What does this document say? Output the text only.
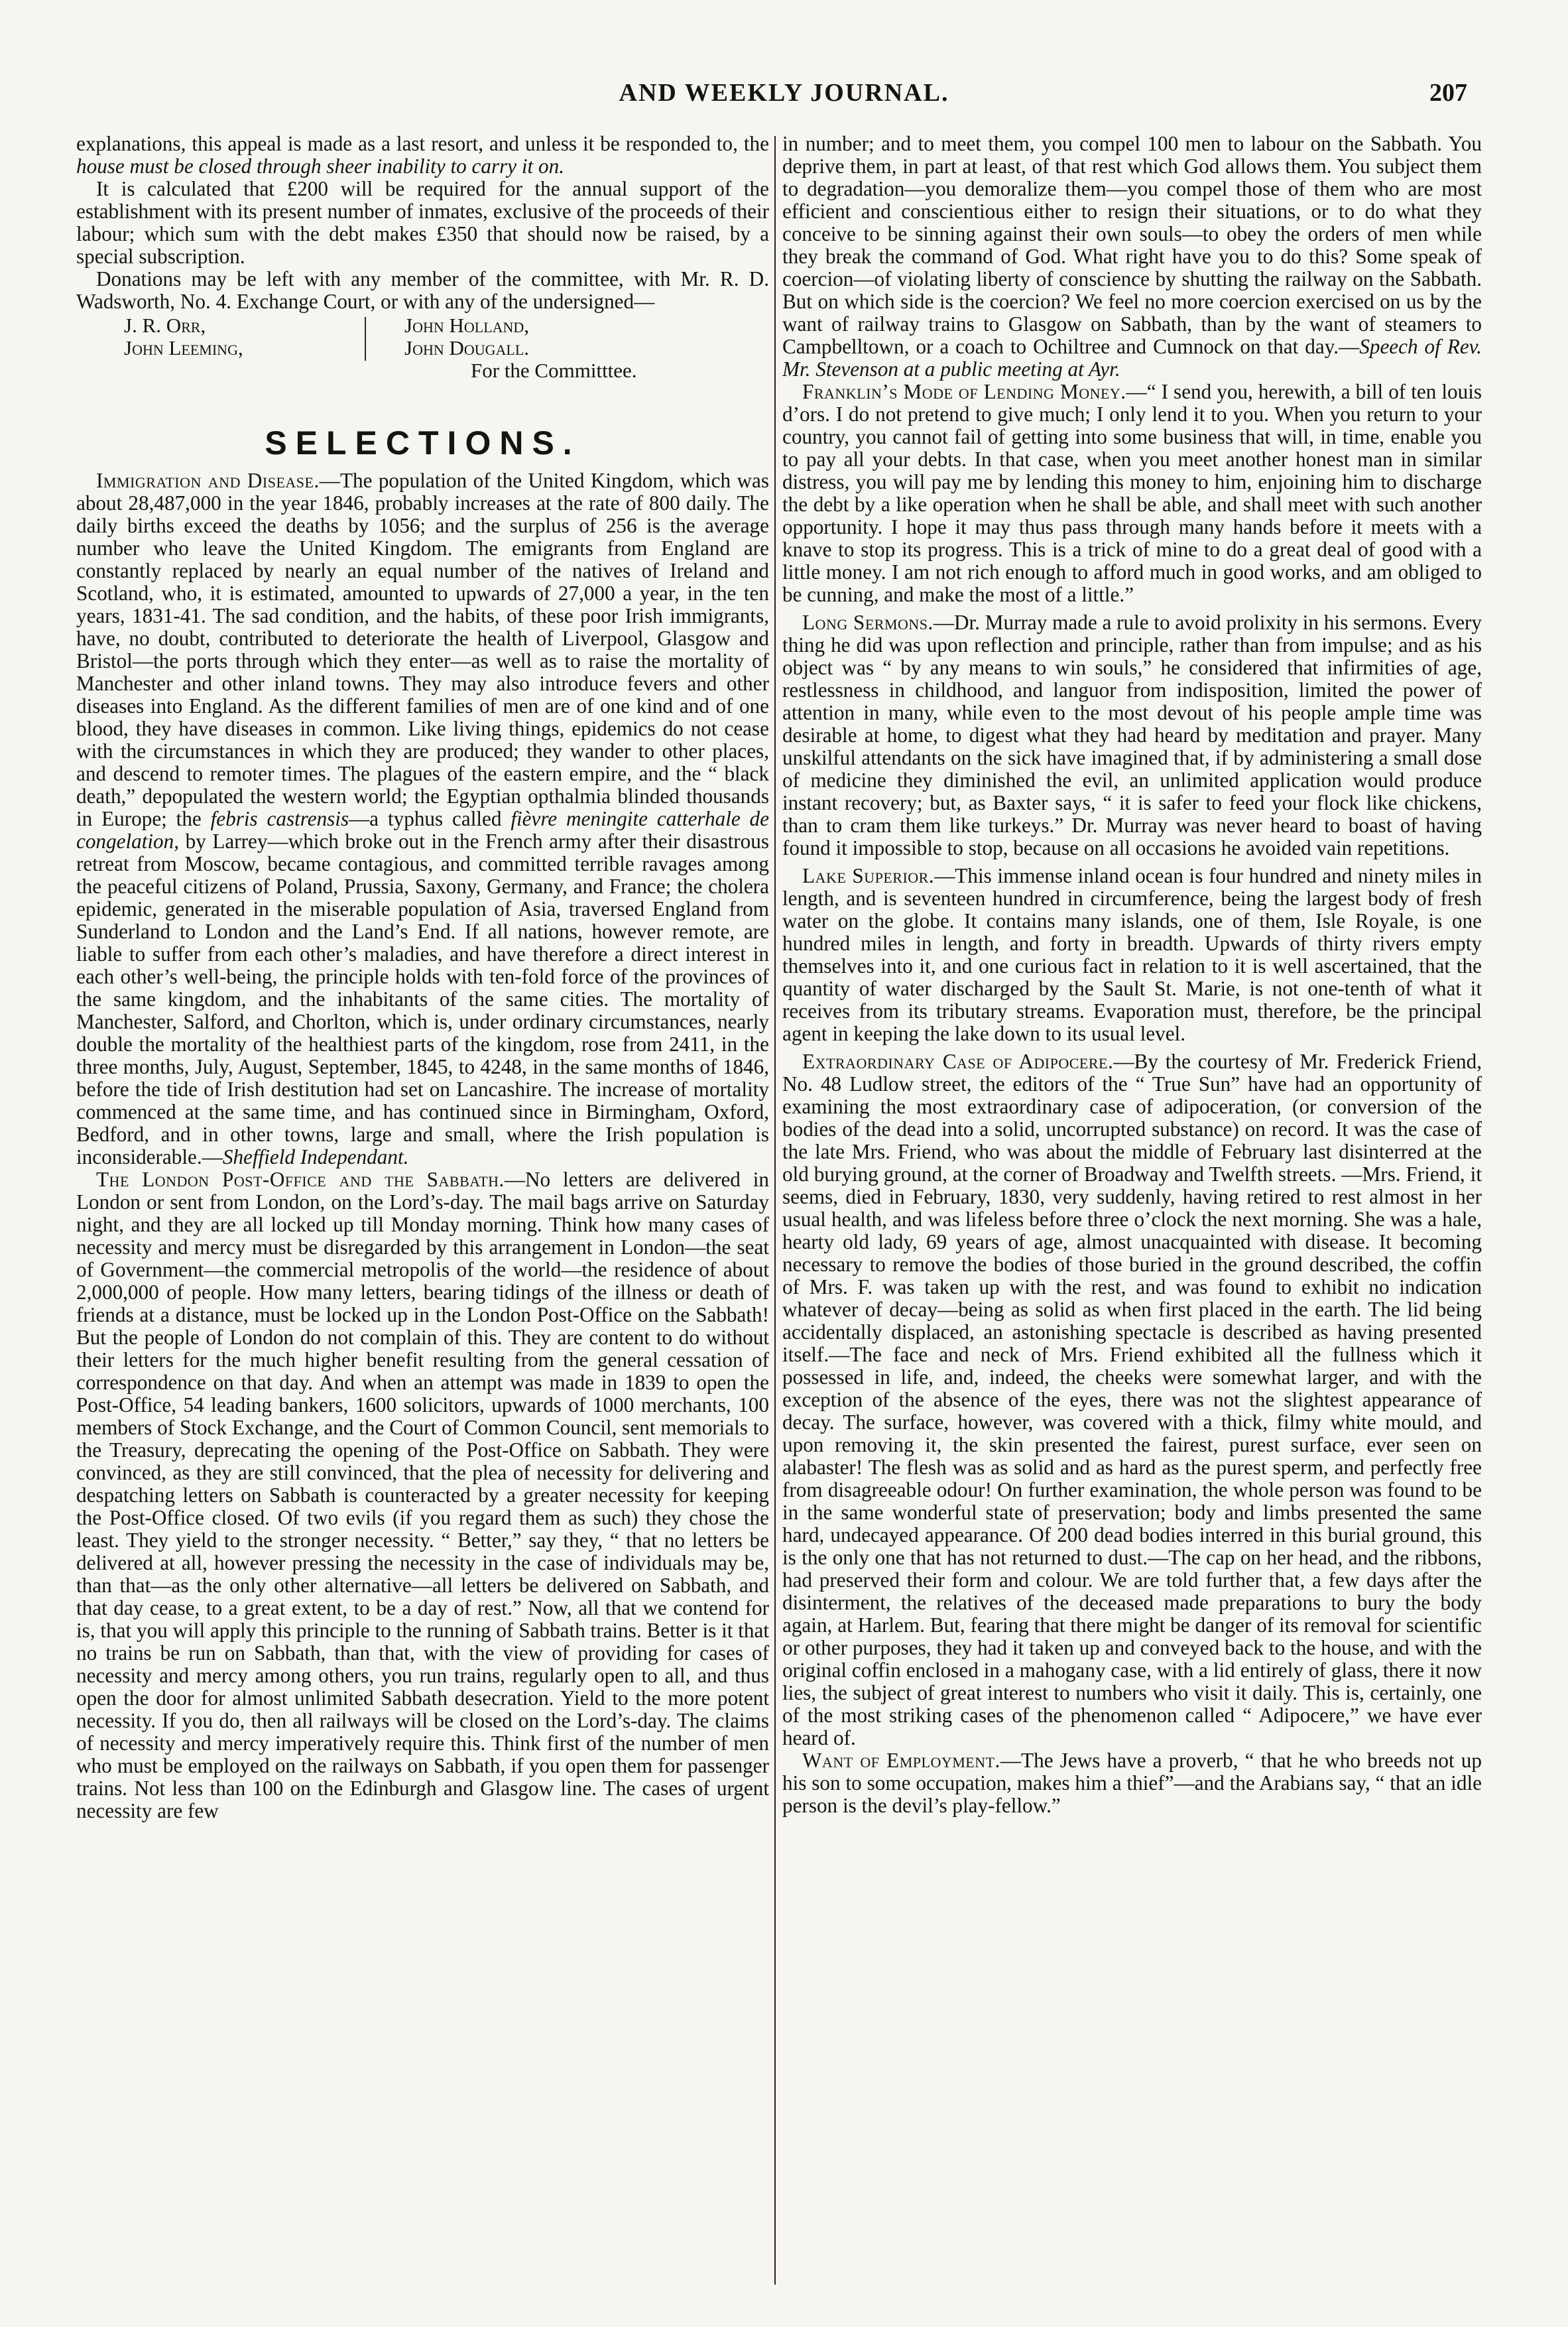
AND WEEKLY JOURNAL.	207

explanations, this appeal is made as a last resort, and unless it be responded to, the house must be closed through sheer inability to carry it on.

It is calculated that £200 will be required for the annual support of the establishment with its present number of inmates, exclusive of the proceeds of their labour; which sum with the debt makes £350 that should now be raised, by a special subscription.

Donations may be left with any member of the committee, with Mr. R. D. Wadsworth, No. 4. Exchange Court, or with any of the undersigned—

J. R. Orr,
John Leeming,
John Holland,
John Dougall.
For the Committtee.
SELECTIONS.

Immigration and Disease.—The population of the United Kingdom, which was about 28,487,000 in the year 1846, probably increases at the rate of 800 daily. The daily births exceed the deaths by 1056; and the surplus of 256 is the average number who leave the United Kingdom. The emigrants from England are constantly replaced by nearly an equal number of the natives of Ireland and Scotland, who, it is estimated, amounted to upwards of 27,000 a year, in the ten years, 1831-41. The sad condition, and the habits, of these poor Irish immigrants, have, no doubt, contributed to deteriorate the health of Liverpool, Glasgow and Bristol—the ports through which they enter—as well as to raise the mortality of Manchester and other inland towns. They may also introduce fevers and other diseases into England. As the different families of men are of one kind and of one blood, they have diseases in common. Like living things, epidemics do not cease with the circumstances in which they are produced; they wander to other places, and descend to remoter times. The plagues of the eastern empire, and the “ black death,” depopulated the western world; the Egyptian opthalmia blinded thousands in Europe; the febris castrensis—a typhus called fièvre meningite catterhale de congelation, by Larrey—which broke out in the French army after their disastrous retreat from Moscow, became contagious, and committed terrible ravages among the peaceful citizens of Poland, Prussia, Saxony, Germany, and France; the cholera epidemic, generated in the miserable population of Asia, traversed England from Sunderland to London and the Land’s End. If all nations, however remote, are liable to suffer from each other’s maladies, and have therefore a direct interest in each other’s well-being, the principle holds with ten-fold force of the provinces of the same kingdom, and the inhabitants of the same cities. The mortality of Manchester, Salford, and Chorlton, which is, under ordinary circumstances, nearly double the mortality of the healthiest parts of the kingdom, rose from 2411, in the three months, July, August, September, 1845, to 4248, in the same months of 1846, before the tide of Irish destitution had set on Lancashire. The increase of mortality commenced at the same time, and has continued since in Birmingham, Oxford, Bedford, and in other towns, large and small, where the Irish population is inconsiderable.—Sheffield Independant.

The London Post-Office and the Sabbath.—No letters are delivered in London or sent from London, on the Lord’s-day. The mail bags arrive on Saturday night, and they are all locked up till Monday morning. Think how many cases of necessity and mercy must be disregarded by this arrangement in London—the seat of Government—the commercial metropolis of the world—the residence of about 2,000,000 of people. How many letters, bearing tidings of the illness or death of friends at a distance, must be locked up in the London Post-Office on the Sabbath! But the people of London do not complain of this. They are content to do without their letters for the much higher benefit resulting from the general cessation of correspondence on that day. And when an attempt was made in 1839 to open the Post-Office, 54 leading bankers, 1600 solicitors, upwards of 1000 merchants, 100 members of Stock Exchange, and the Court of Common Council, sent memorials to the Treasury, deprecating the opening of the Post-Office on Sabbath. They were convinced, as they are still convinced, that the plea of necessity for delivering and despatching letters on Sabbath is counteracted by a greater necessity for keeping the Post-Office closed. Of two evils (if you regard them as such) they chose the least. They yield to the stronger necessity. “ Better,” say they, “ that no letters be delivered at all, however pressing the necessity in the case of individuals may be, than that—as the only other alternative—all letters be delivered on Sabbath, and that day cease, to a great extent, to be a day of rest.” Now, all that we contend for is, that you will apply this principle to the running of Sabbath trains. Better is it that no trains be run on Sabbath, than that, with the view of providing for cases of necessity and mercy among others, you run trains, regularly open to all, and thus open the door for almost unlimited Sabbath desecration. Yield to the more potent necessity. If you do, then all railways will be closed on the Lord’s-day. The claims of necessity and mercy imperatively require this. Think first of the number of men who must be employed on the railways on Sabbath, if you open them for passenger trains. Not less than 100 on the Edinburgh and Glasgow line. The cases of urgent necessity are few

in number; and to meet them, you compel 100 men to labour on the Sabbath. You deprive them, in part at least, of that rest which God allows them. You subject them to degradation—you demoralize them—you compel those of them who are most efficient and conscientious either to resign their situations, or to do what they conceive to be sinning against their own souls—to obey the orders of men while they break the command of God. What right have you to do this? Some speak of coercion—of violating liberty of conscience by shutting the railway on the Sabbath. But on which side is the coercion? We feel no more coercion exercised on us by the want of railway trains to Glasgow on Sabbath, than by the want of steamers to Campbelltown, or a coach to Ochiltree and Cumnock on that day.—Speech of Rev. Mr. Stevenson at a public meeting at Ayr.

Franklin’s Mode of Lending Money.—“ I send you, herewith, a bill of ten louis d’ors. I do not pretend to give much; I only lend it to you. When you return to your country, you cannot fail of getting into some business that will, in time, enable you to pay all your debts. In that case, when you meet another honest man in similar distress, you will pay me by lending this money to him, enjoining him to discharge the debt by a like operation when he shall be able, and shall meet with such another opportunity. I hope it may thus pass through many hands before it meets with a knave to stop its progress. This is a trick of mine to do a great deal of good with a little money. I am not rich enough to afford much in good works, and am obliged to be cunning, and make the most of a little.”

Long Sermons.—Dr. Murray made a rule to avoid prolixity in his sermons. Every thing he did was upon reflection and principle, rather than from impulse; and as his object was “ by any means to win souls,” he considered that infirmities of age, restlessness in childhood, and languor from indisposition, limited the power of attention in many, while even to the most devout of his people ample time was desirable at home, to digest what they had heard by meditation and prayer. Many unskilful attendants on the sick have imagined that, if by administering a small dose of medicine they diminished the evil, an unlimited application would produce instant recovery; but, as Baxter says, “ it is safer to feed your flock like chickens, than to cram them like turkeys.” Dr. Murray was never heard to boast of having found it impossible to stop, because on all occasions he avoided vain repetitions.

Lake Superior.—This immense inland ocean is four hundred and ninety miles in length, and is seventeen hundred in circumference, being the largest body of fresh water on the globe. It contains many islands, one of them, Isle Royale, is one hundred miles in length, and forty in breadth. Upwards of thirty rivers empty themselves into it, and one curious fact in relation to it is well ascertained, that the quantity of water discharged by the Sault St. Marie, is not one-tenth of what it receives from its tributary streams. Evaporation must, therefore, be the principal agent in keeping the lake down to its usual level.

Extraordinary Case of Adipocere.—By the courtesy of Mr. Frederick Friend, No. 48 Ludlow street, the editors of the “ True Sun” have had an opportunity of examining the most extraordinary case of adipoceration, (or conversion of the bodies of the dead into a solid, uncorrupted substance) on record. It was the case of the late Mrs. Friend, who was about the middle of February last disinterred at the old burying ground, at the corner of Broadway and Twelfth streets. —Mrs. Friend, it seems, died in February, 1830, very suddenly, having retired to rest almost in her usual health, and was lifeless before three o’clock the next morning. She was a hale, hearty old lady, 69 years of age, almost unacquainted with disease. It becoming necessary to remove the bodies of those buried in the ground described, the coffin of Mrs. F. was taken up with the rest, and was found to exhibit no indication whatever of decay—being as solid as when first placed in the earth. The lid being accidentally displaced, an astonishing spectacle is described as having presented itself.—The face and neck of Mrs. Friend exhibited all the fullness which it possessed in life, and, indeed, the cheeks were somewhat larger, and with the exception of the absence of the eyes, there was not the slightest appearance of decay. The surface, however, was covered with a thick, filmy white mould, and upon removing it, the skin presented the fairest, purest surface, ever seen on alabaster! The flesh was as solid and as hard as the purest sperm, and perfectly free from disagreeable odour! On further examination, the whole person was found to be in the same wonderful state of preservation; body and limbs presented the same hard, undecayed appearance. Of 200 dead bodies interred in this burial ground, this is the only one that has not returned to dust.—The cap on her head, and the ribbons, had preserved their form and colour. We are told further that, a few days after the disinterment, the relatives of the deceased made preparations to bury the body again, at Harlem. But, fearing that there might be danger of its removal for scientific or other purposes, they had it taken up and conveyed back to the house, and with the original coffin enclosed in a mahogany case, with a lid entirely of glass, there it now lies, the subject of great interest to numbers who visit it daily. This is, certainly, one of the most striking cases of the phenomenon called “ Adipocere,” we have ever heard of.

Want of Employment.—The Jews have a proverb, “ that he who breeds not up his son to some occupation, makes him a thief”—and the Arabians say, “ that an idle person is the devil’s play-fellow.”
